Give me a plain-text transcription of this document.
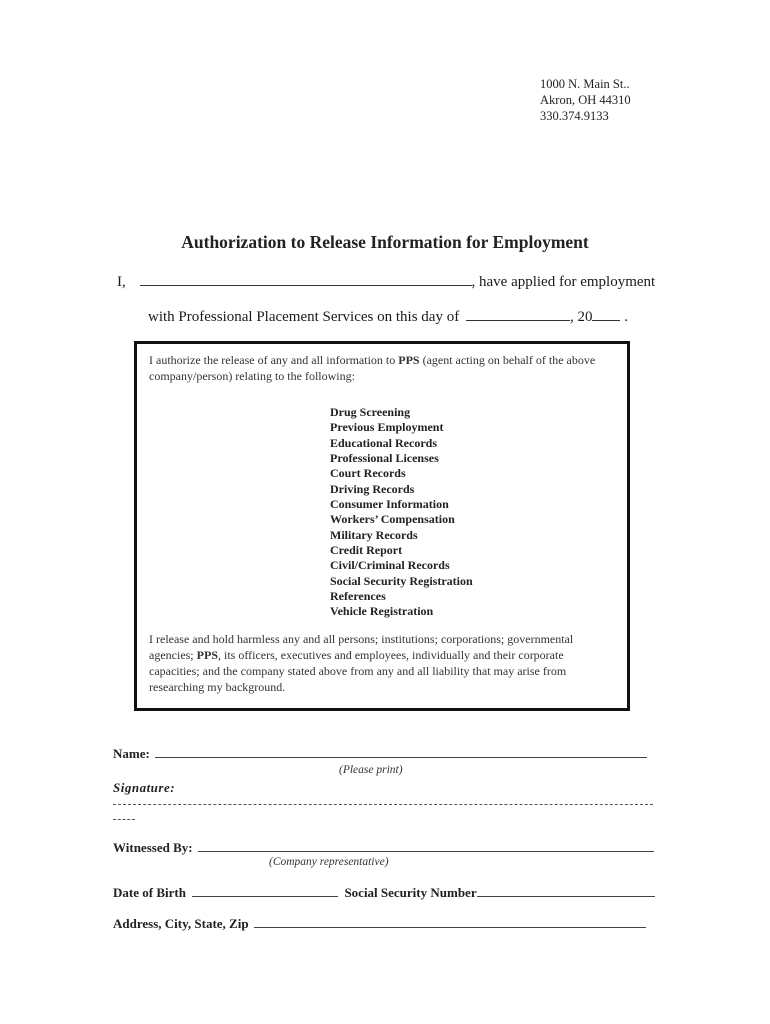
1000 N. Main St..
Akron, OH 44310
330.374.9133
Authorization to Release Information for Employment
I,	, have applied for employment
with Professional Placement Services on this day of	, 20 .

I authorize the release of any and all information to PPS (agent acting on behalf of the above company/person) relating to the following:

Drug Screening
Previous Employment
Educational Records
Professional Licenses
Court Records
Driving Records
Consumer Information
Workers’ Compensation
Military Records
Credit Report
Civil/Criminal Records
Social Security Registration
References
Vehicle Registration

I release and hold harmless any and all persons; institutions; corporations; governmental agencies; PPS, its officers, executives and employees, individually and their corporate capacities; and the company stated above from any and all liability that may arise from researching my background.

Name:
(Please print)
Signature:
Witnessed By:
(Company representative)
Date of Birth	Social Security Number
Address, City, State, Zip
